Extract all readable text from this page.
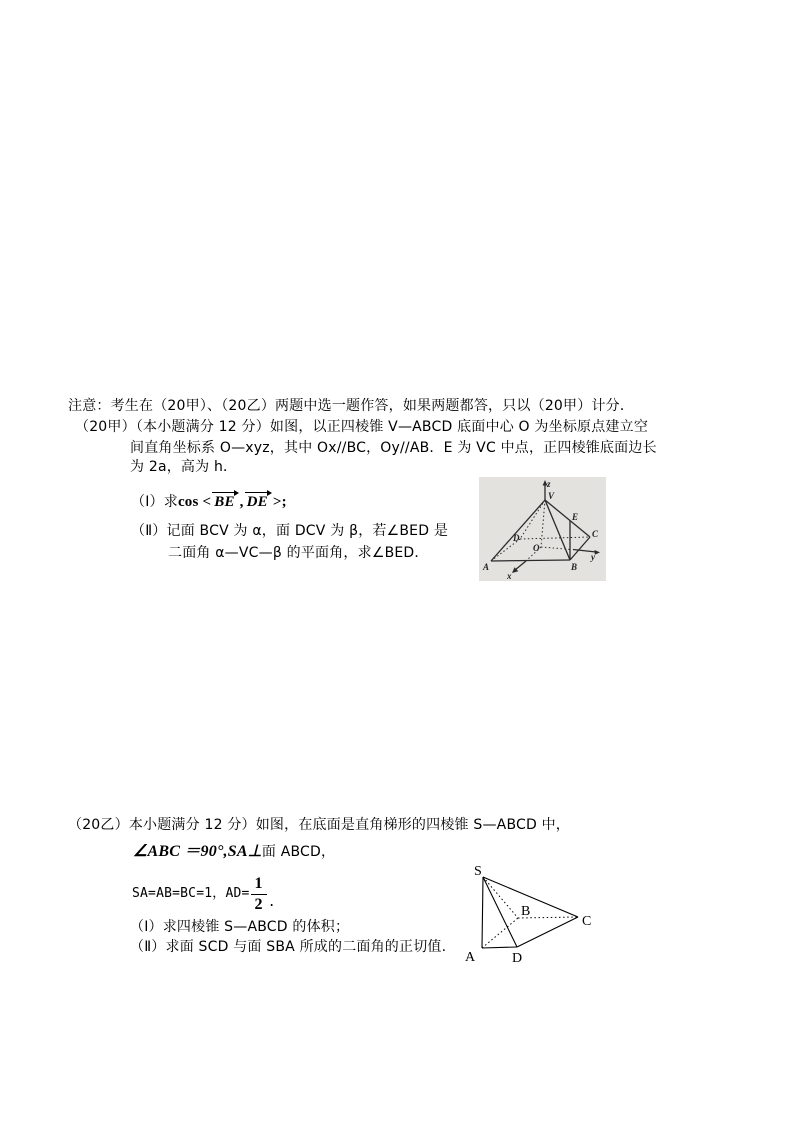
注意：考生在（20甲）、（20乙）两题中选一题作答，如果两题都答，只以（20甲）计分．
（20甲）（本小题满分 12 分）如图，以正四棱锥 V—ABCD 底面中心 O 为坐标原点建立空
间直角坐标系 O—xyz，其中 Ox//BC，Oy//AB．E 为 VC 中点，正四棱锥底面边长
为 2a，高为 h．
（Ⅰ）求 cos < BE , DE >;
（Ⅱ）记面 BCV 为 α，面 DCV 为 β，若∠BED 是
二面角 α—VC—β 的平面角，求∠BED．
z
V
E
C
y
D
O
A	B
x
（20乙）本小题满分 12 分）如图，在底面是直角梯形的四棱锥 S—ABCD 中，
∠ABC ＝90°,SA⊥面 ABCD，
SA=AB=BC=1，$AD= \frac{1}{2}$ .
（Ⅰ）求四棱锥 S—ABCD 的体积；
（Ⅱ）求面 SCD 与面 SBA 所成的二面角的正切值.
S
A	D
B
C
